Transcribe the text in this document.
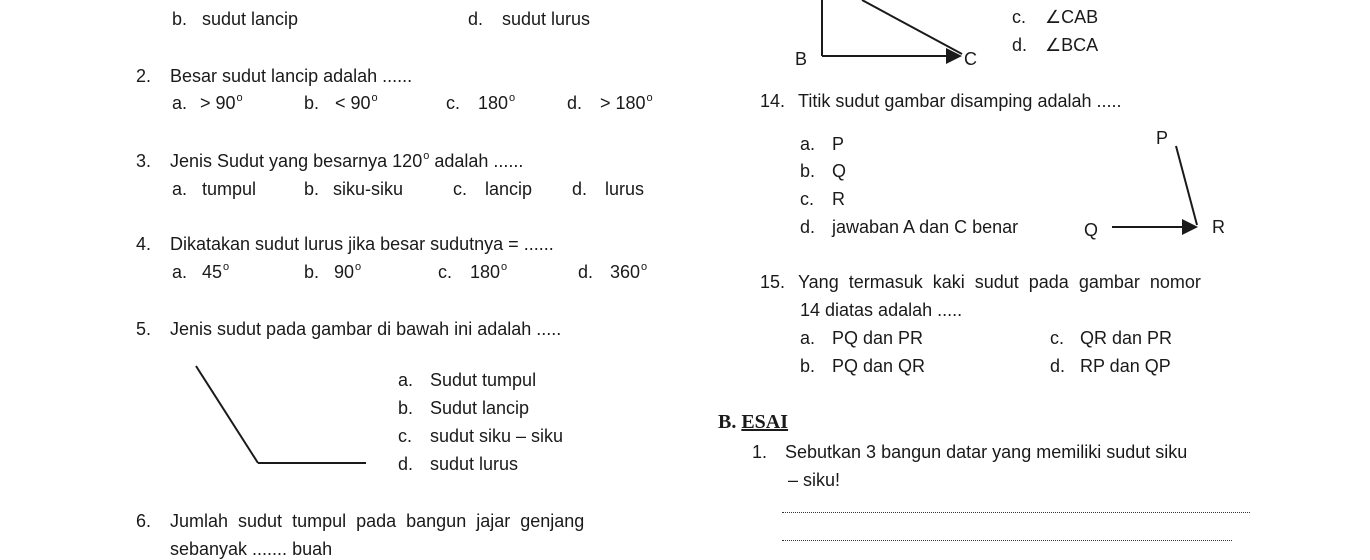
b. sudut lancip	d. sudut lurus
2. Besar sudut lancip adalah ......
a. > $90^o$	b. < $90^o$	c. 180$^o$	d. > $180^o$
3. Jenis Sudut yang besarnya 120$^o$ adalah ......
a. tumpul	b. siku-siku	c. lancip d. lurus
4. Dikatakan sudut lurus jika besar sudutnya = ......
a. 45$^o$	b. 90$^o$	c. 180$^o$	d. 360$^o$
5. Jenis sudut pada gambar di bawah ini adalah .....
a. Sudut tumpul
b. Sudut lancip
c. sudut siku – siku
d. sudut lurus
6. Jumlah  sudut  tumpul  pada  bangun  jajar  genjang
sebanyak ....... buah
c. ∠CAB
d. ∠BCA
B	C
14. Titik sudut gambar disamping adalah .....
a. P
b. Q
c. R
d. jawaban A dan C benar
P
Q	R
15. Yang  termasuk  kaki  sudut  pada  gambar  nomor
14 diatas adalah .....
a. PQ dan PR
b. PQ dan QR
c. QR dan PR
d. RP dan QP
B. ESAI
1. Sebutkan 3 bangun datar yang memiliki sudut siku
– siku!
